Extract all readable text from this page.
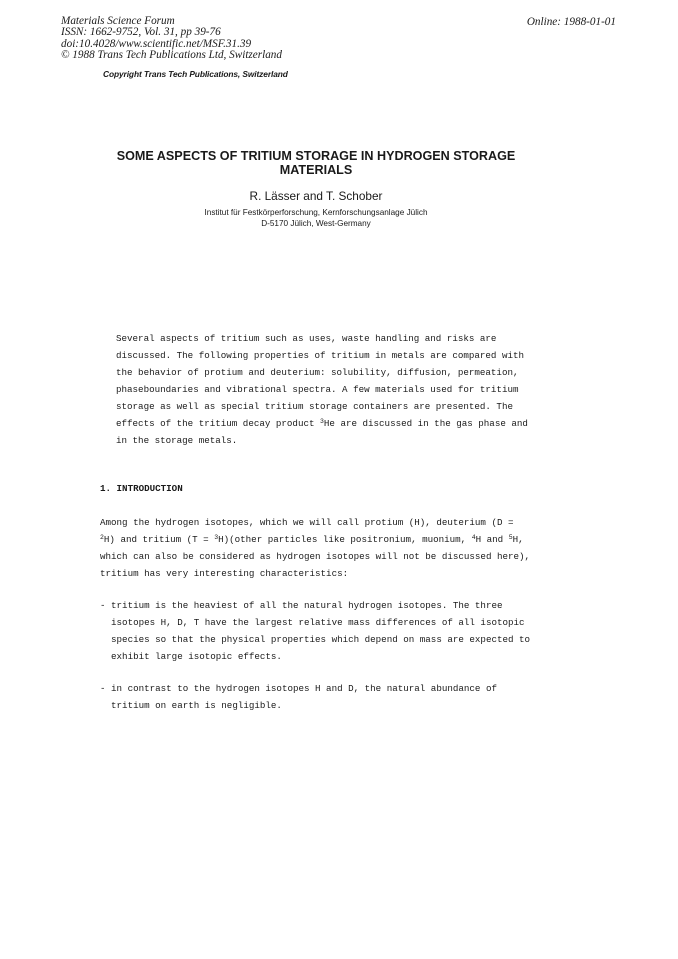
Materials Science Forum
ISSN: 1662-9752, Vol. 31, pp 39-76
doi:10.4028/www.scientific.net/MSF.31.39
© 1988 Trans Tech Publications Ltd, Switzerland
Online: 1988-01-01
Copyright Trans Tech Publications, Switzerland
SOME ASPECTS OF TRITIUM STORAGE IN HYDROGEN STORAGE
MATERIALS
R. Lässer and T. Schober
Institut für Festkörperforschung, Kernforschungsanlage Jülich
D-5170 Jülich, West-Germany
Several aspects of tritium such as uses, waste handling and risks are
discussed. The following properties of tritium in metals are compared with
the behavior of protium and deuterium: solubility, diffusion, permeation,
phaseboundaries and vibrational spectra. A few materials used for tritium
storage as well as special tritium storage containers are presented. The
effects of the tritium decay product $^3$He are discussed in the gas phase and
in the storage metals.
1. INTRODUCTION
Among the hydrogen isotopes, which we will call protium (H), deuterium (D =
$^2$H) and tritium (T = $^3$H)(other particles like positronium, muonium, $^4$H and $^5$H,
which can also be considered as hydrogen isotopes will not be discussed here),
tritium has very interesting characteristics:
- tritium is the heaviest of all the natural hydrogen isotopes. The three
isotopes H, D, T have the largest relative mass differences of all isotopic
species so that the physical properties which depend on mass are expected to
exhibit large isotopic effects.
- in contrast to the hydrogen isotopes H and D, the natural abundance of
tritium on earth is negligible.
